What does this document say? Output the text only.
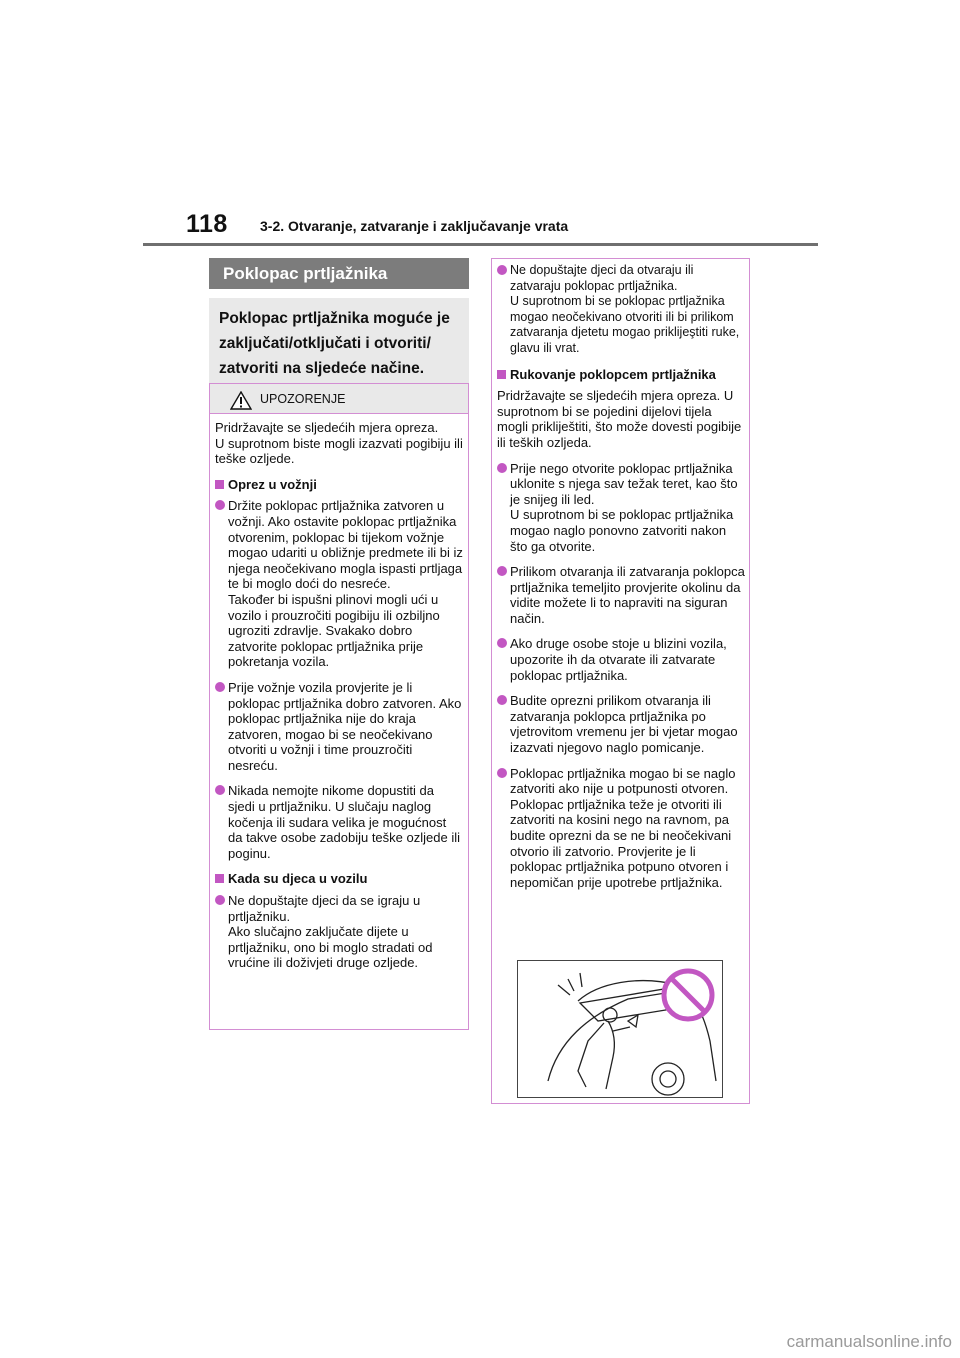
118 3-2. Otvaranje, zatvaranje i zaključavanje vrata
Poklopac prtljažnika
Poklopac prtljažnika moguće je zaključati/otključati i otvoriti/ zatvoriti na sljedeće načine.
UPOZORENJE

Pridržavajte se sljedećih mjera opreza.
U suprotnom biste mogli izazvati pogibiju ili teške ozljede.

Oprez u vožnji
Držite poklopac prtljažnika zatvoren u vožnji. Ako ostavite poklopac prtljažnika otvorenim, poklopac bi tijekom vožnje mogao udariti u obližnje predmete ili bi iz njega neočekivano mogla ispasti prtljaga te bi moglo doći do nesreće.
Također bi ispušni plinovi mogli ući u vozilo i prouzročiti pogibiju ili ozbiljno ugroziti zdravlje. Svakako dobro zatvorite poklopac prtljažnika prije pokretanja vozila.
Prije vožnje vozila provjerite je li poklopac prtljažnika dobro zatvoren. Ako poklopac prtljažnika nije do kraja zatvoren, mogao bi se neočekivano otvoriti u vožnji i time prouzročiti nesreću.
Nikada nemojte nikome dopustiti da sjedi u prtljažniku. U slučaju naglog kočenja ili sudara velika je mogućnost da takve osobe zadobiju teške ozljede ili poginu.
Kada su djeca u vozilu
Ne dopuštajte djeci da se igraju u prtljažniku.
Ako slučajno zaključate dijete u prtljažniku, ono bi moglo stradati od vrućine ili doživjeti druge ozljede.
Ne dopuštajte djeci da otvaraju ili zatvaraju poklopac prtljažnika.
U suprotnom bi se poklopac prtljažnika mogao neočekivano otvoriti ili bi prilikom zatvaranja djetetu mogao priklijeştiti ruke, glavu ili vrat.
Rukovanje poklopcem prtljažnika

Pridržavajte se sljedećih mjera opreza. U suprotnom bi se pojedini dijelovi tijela mogli prikliještiti, što može dovesti pogibije ili teških ozljeda.

Prije nego otvorite poklopac prtljažnika uklonite s njega sav težak teret, kao što je snijeg ili led.
U suprotnom bi se poklopac prtljažnika mogao naglo ponovno zatvoriti nakon što ga otvorite.
Prilikom otvaranja ili zatvaranja poklopca prtljažnika temeljito provjerite okolinu da vidite možete li to napraviti na siguran način.
Ako druge osobe stoje u blizini vozila, upozorite ih da otvarate ili zatvarate poklopac prtljažnika.
Budite oprezni prilikom otvaranja ili zatvaranja poklopca prtljažnika po vjetrovitom vremenu jer bi vjetar mogao izazvati njegovo naglo pomicanje.
Poklopac prtljažnika mogao bi se naglo zatvoriti ako nije u potpunosti otvoren. Poklopac prtljažnika teže je otvoriti ili zatvoriti na kosini nego na ravnom, pa budite oprezni da se ne bi neočekivani otvorio ili zatvorio. Provjerite je li poklopac prtljažnika potpuno otvoren i nepomičan prije upotrebe prtljažnika.
carmanualsonline.info
